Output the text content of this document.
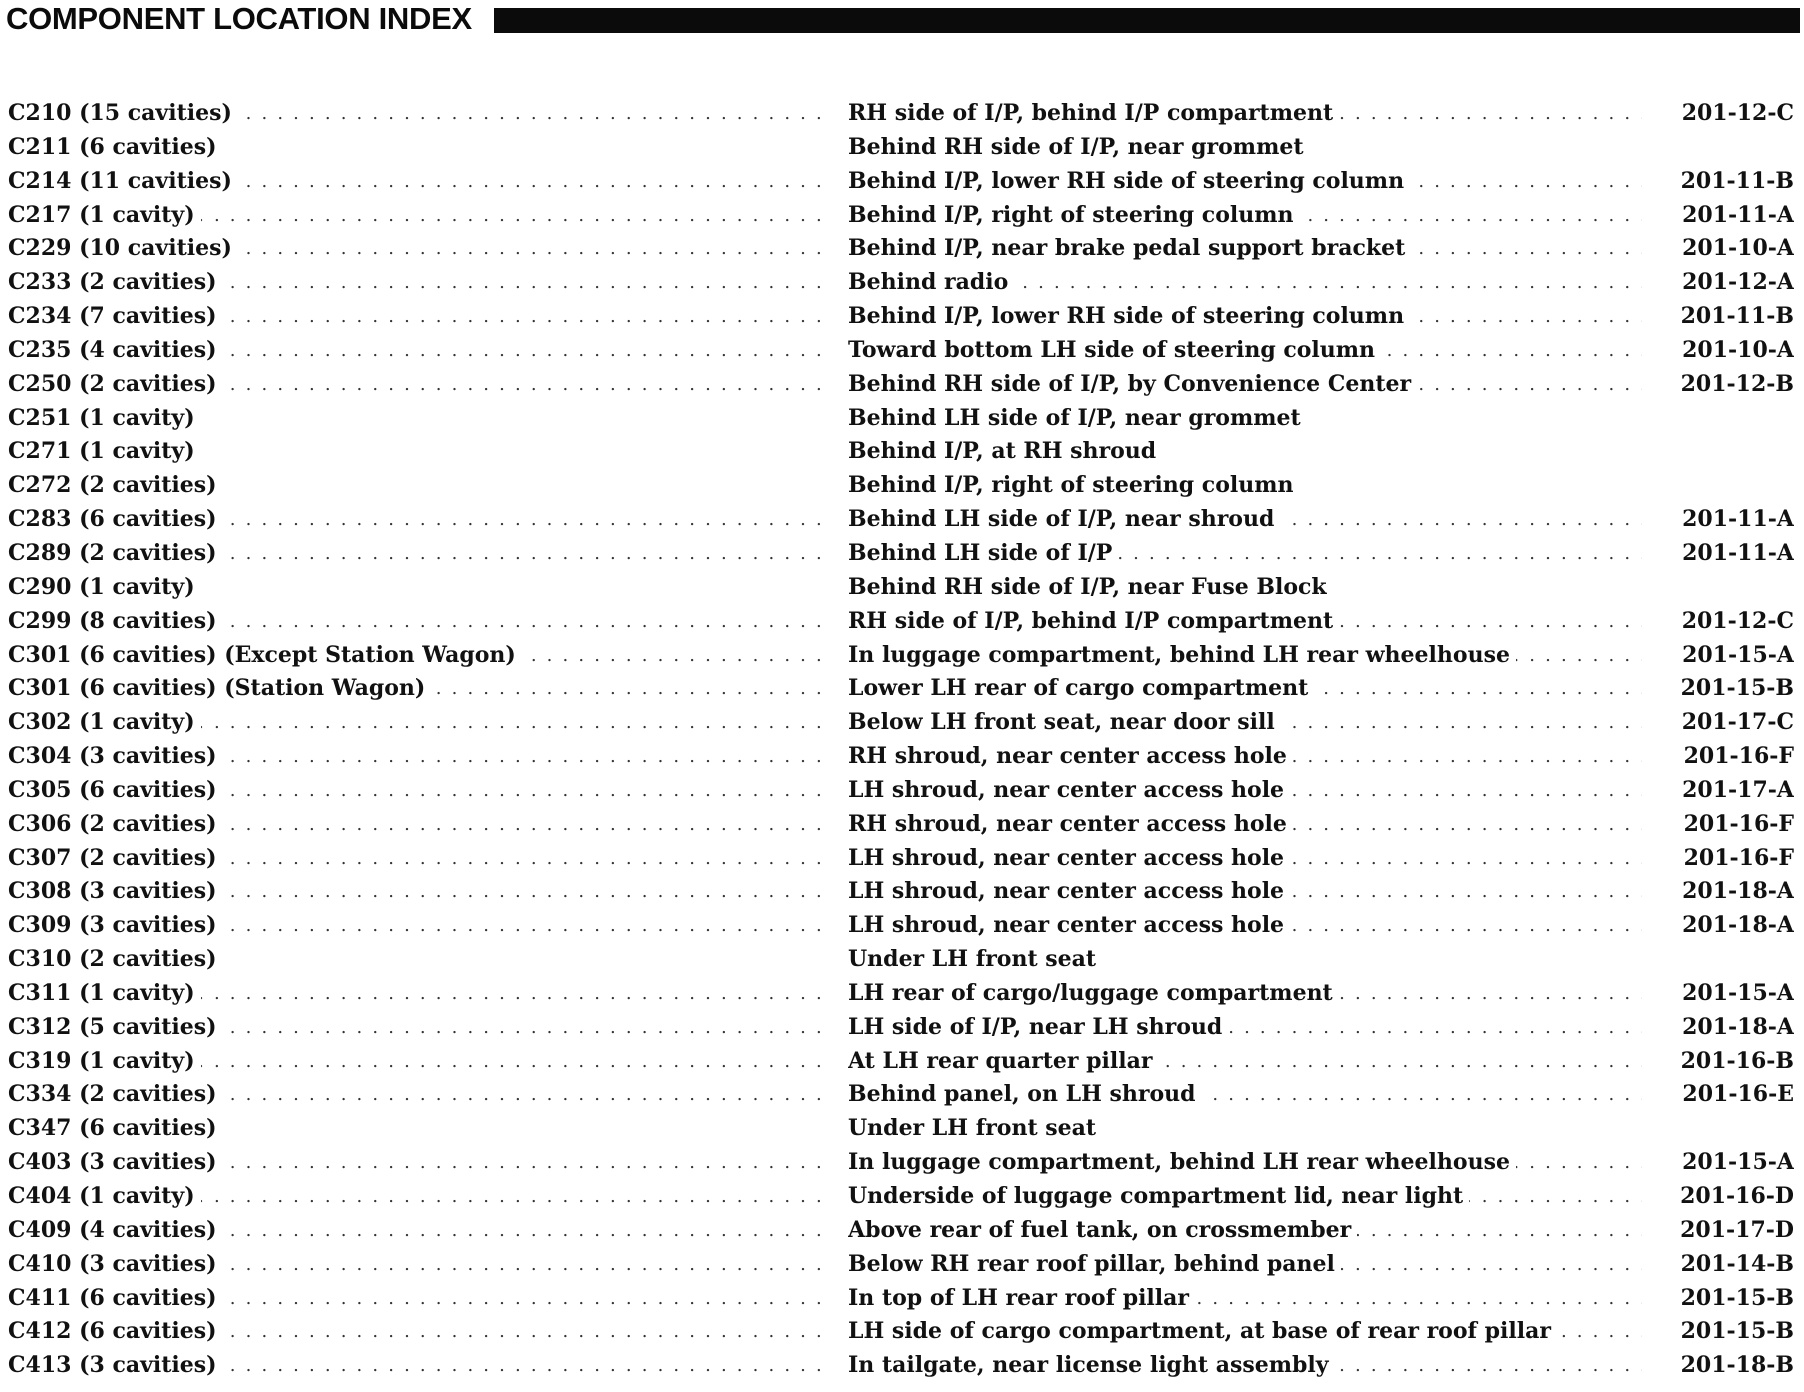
COMPONENT LOCATION INDEX
. . .
C210 (15 cavities) . . .	RH side of I/P, behind I/P compartment	201-12-C
C211 (6 cavities)	Behind RH side of I/P, near grommet
. . .
C214 (11 cavities) . . .	Behind I/P, lower RH side of steering column	201-11-B
. . .
C217 (1 cavity) . . .	Behind I/P, right of steering column	201-11-A
. . .
C229 (10 cavities) . . .	Behind I/P, near brake pedal support bracket	201-10-A
. . .
C233 (2 cavities) . . .	Behind radio	201-12-A
. . .
C234 (7 cavities) . . .	Behind I/P, lower RH side of steering column	201-11-B
. . .
C235 (4 cavities) . . .	Toward bottom LH side of steering column	201-10-A
. . .
C250 (2 cavities) . . .	Behind RH side of I/P, by Convenience Center	201-12-B
C251 (1 cavity)	Behind LH side of I/P, near grommet
C271 (1 cavity)	Behind I/P, at RH shroud
C272 (2 cavities)	Behind I/P, right of steering column
. . .
C283 (6 cavities) . . .	Behind LH side of I/P, near shroud	201-11-A
. . .
C289 (2 cavities) . . .	Behind LH side of I/P	201-11-A
C290 (1 cavity)	Behind RH side of I/P, near Fuse Block
. . .
C299 (8 cavities) . . .	RH side of I/P, behind I/P compartment	201-12-C
. . .
C301 (6 cavities) (Except Station Wagon) . . .	In luggage compartment, behind LH rear wheelhouse	201-15-A
. . .
C301 (6 cavities) (Station Wagon) . . .	Lower LH rear of cargo compartment	201-15-B
. . .
C302 (1 cavity) . . .	Below LH front seat, near door sill	201-17-C
. . .
C304 (3 cavities) . . .	RH shroud, near center access hole	201-16-F
. . .
C305 (6 cavities) . . .	LH shroud, near center access hole	201-17-A
. . .
C306 (2 cavities) . . .	RH shroud, near center access hole	201-16-F
. . .
C307 (2 cavities) . . .	LH shroud, near center access hole	201-16-F
. . .
C308 (3 cavities) . . .	LH shroud, near center access hole	201-18-A
. . .
C309 (3 cavities) . . .	LH shroud, near center access hole	201-18-A
C310 (2 cavities)	Under LH front seat
. . .
C311 (1 cavity) . . .	LH rear of cargo/luggage compartment	201-15-A
. . .
C312 (5 cavities) . . .	LH side of I/P, near LH shroud	201-18-A
. . .
C319 (1 cavity) . . .	At LH rear quarter pillar	201-16-B
. . .
C334 (2 cavities) . . .	Behind panel, on LH shroud	201-16-E
C347 (6 cavities)	Under LH front seat
. . .
C403 (3 cavities) . . .	In luggage compartment, behind LH rear wheelhouse	201-15-A
. . .
C404 (1 cavity) . . .	Underside of luggage compartment lid, near light	201-16-D
. . .
C409 (4 cavities) . . .	Above rear of fuel tank, on crossmember	201-17-D
. . .
C410 (3 cavities) . . .	Below RH rear roof pillar, behind panel	201-14-B
. . .
C411 (6 cavities) . . .	In top of LH rear roof pillar	201-15-B
. . .
C412 (6 cavities) . . .	LH side of cargo compartment, at base of rear roof pillar	201-15-B
. . .
C413 (3 cavities) . . .	In tailgate, near license light assembly	201-18-B
